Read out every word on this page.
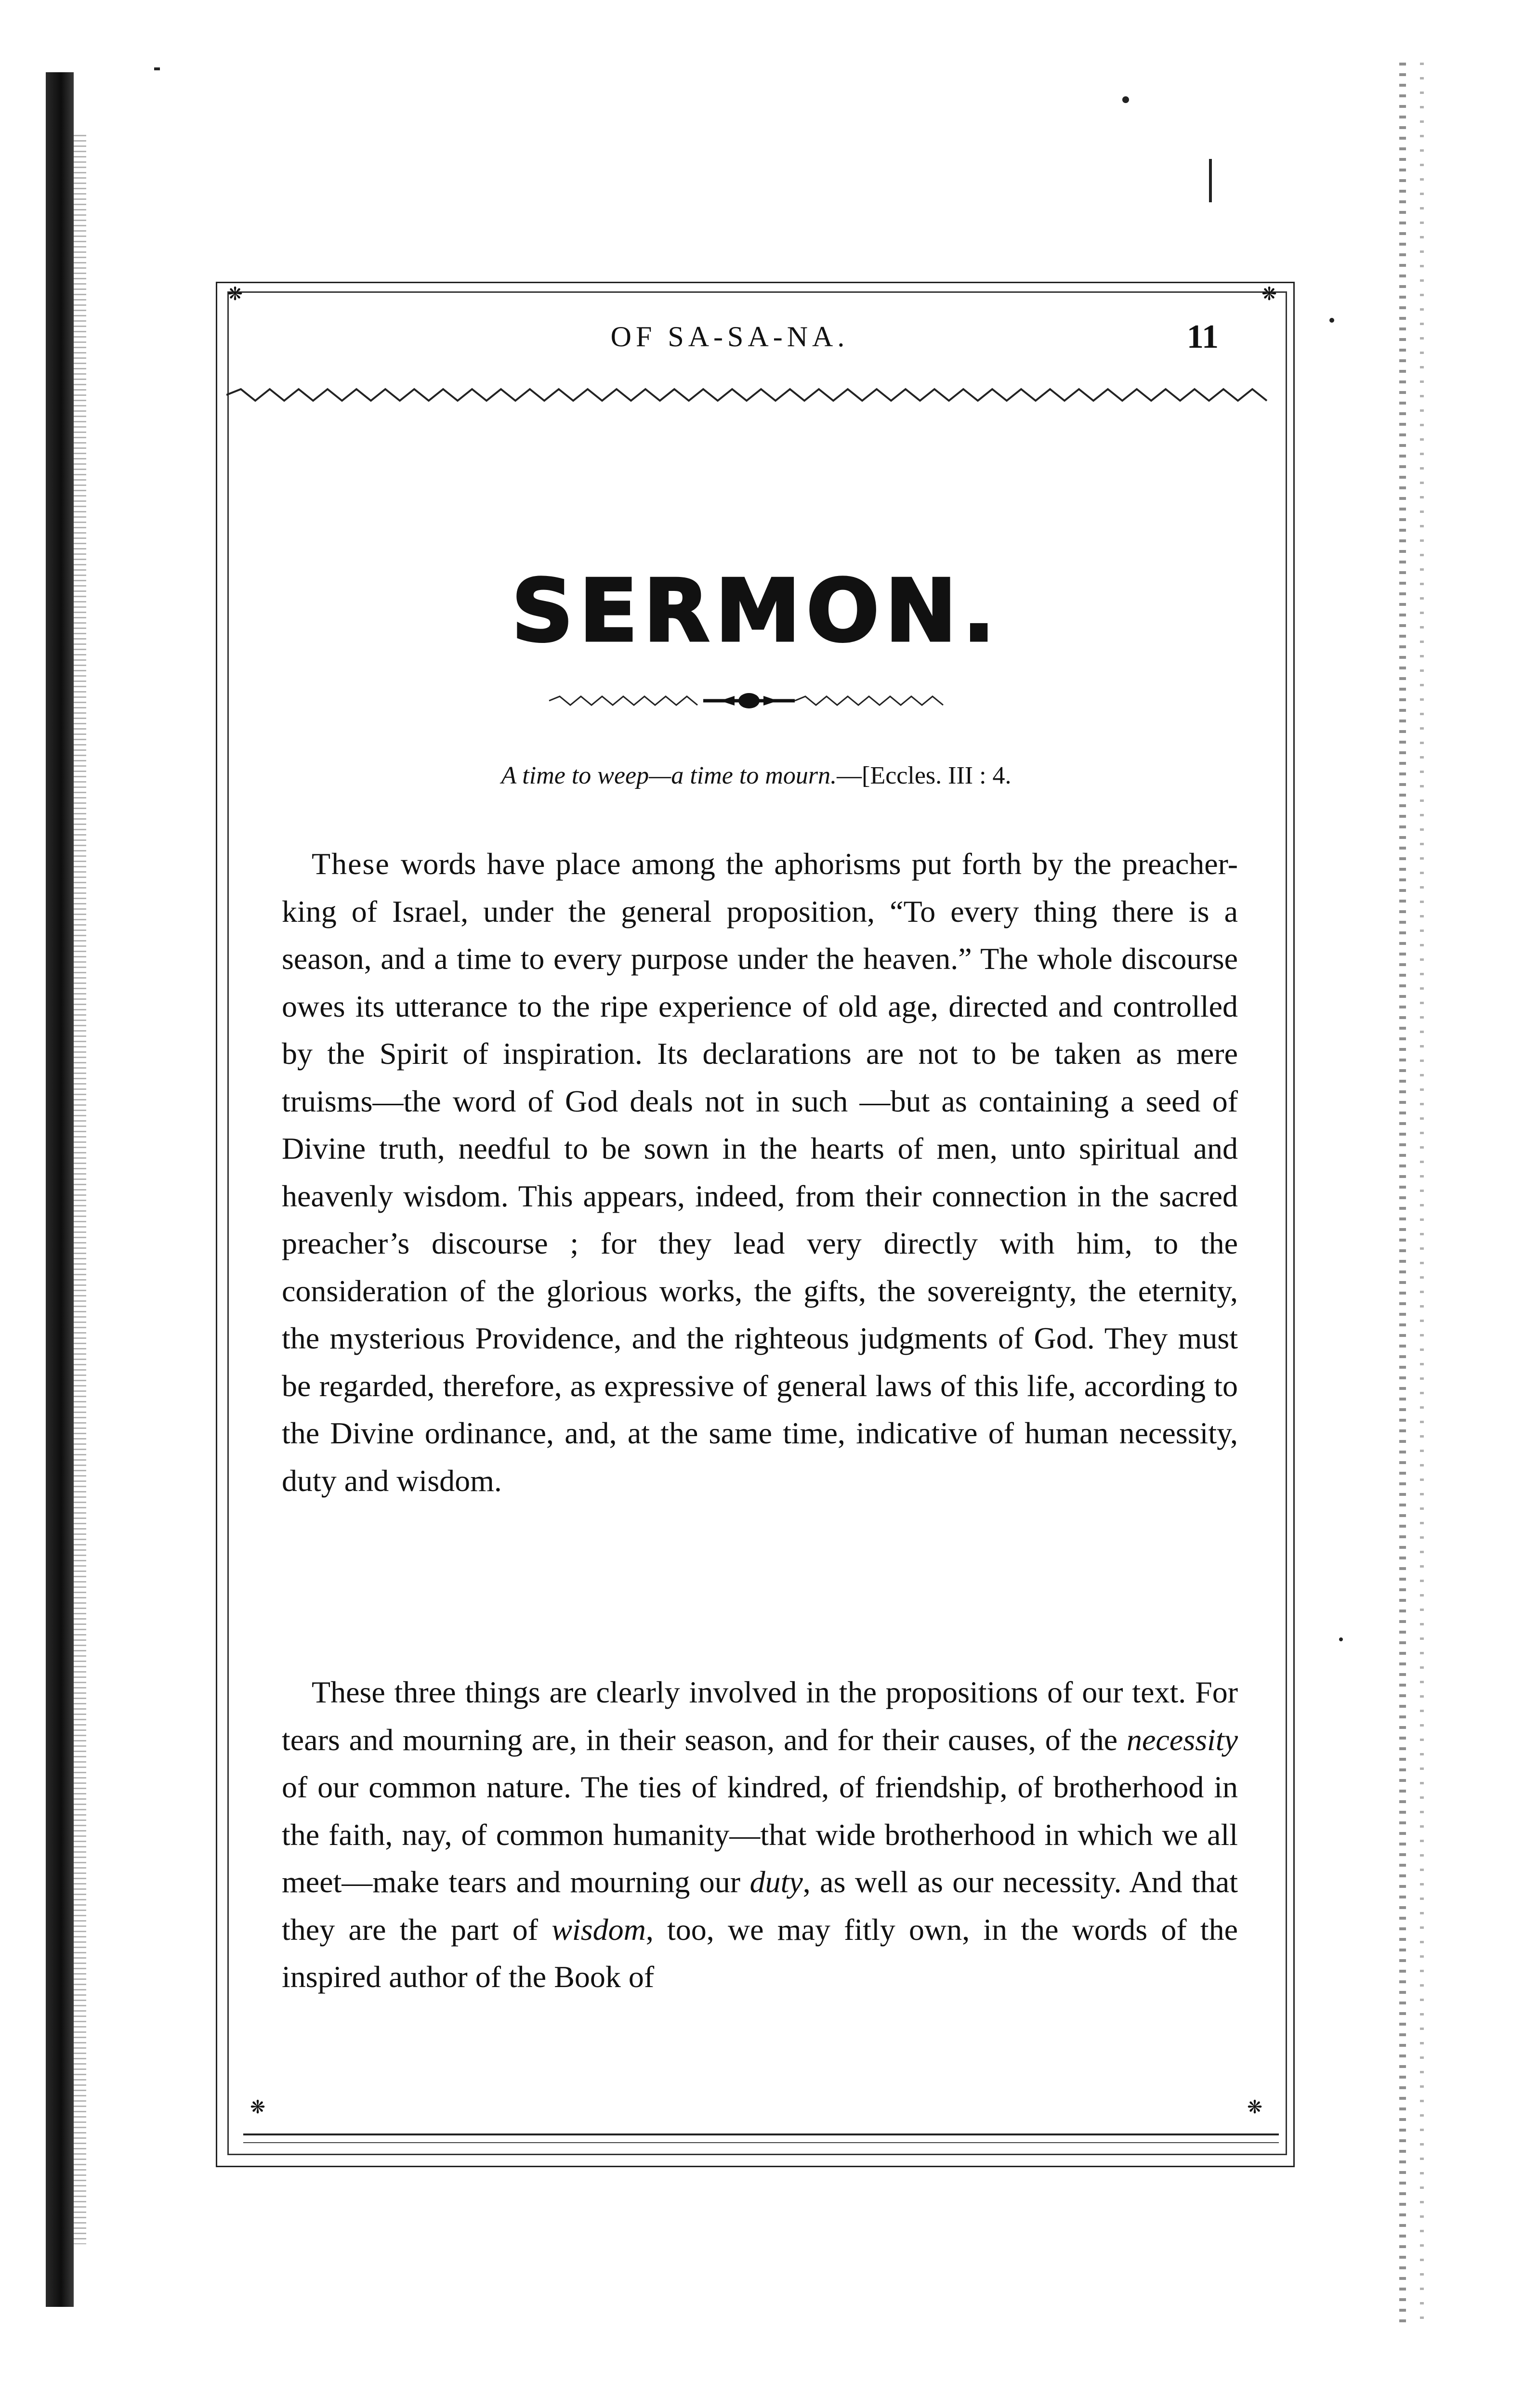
❋	❋
❋	❋
OF SA-SA-NA.	11
SERMON.
A time to weep—a time to mourn.—[Eccles. III : 4.

These words have place among the aphorisms put forth by the preacher-king of Israel, under the general proposition, “To every thing there is a season, and a time to every purpose under the heaven.” The whole discourse owes its utterance to the ripe experience of old age, directed and controlled by the Spirit of inspiration. Its declarations are not to be taken as mere truisms—the word of God deals not in such —but as containing a seed of Divine truth, needful to be sown in the hearts of men, unto spiritual and heavenly wisdom. This appears, indeed, from their connection in the sacred preacher’s discourse ; for they lead very directly with him, to the consideration of the glorious works, the gifts, the sovereignty, the eternity, the mysterious Providence, and the righteous judgments of God. They must be regarded, therefore, as expressive of general laws of this life, according to the Divine ordinance, and, at the same time, indicative of human necessity, duty and wisdom.

These three things are clearly involved in the propositions of our text. For tears and mourning are, in their season, and for their causes, of the necessity of our common nature. The ties of kindred, of friendship, of brotherhood in the faith, nay, of common humanity—that wide brotherhood in which we all meet—make tears and mourning our duty, as well as our necessity. And that they are the part of wisdom, too, we may fitly own, in the words of the inspired author of the Book of
